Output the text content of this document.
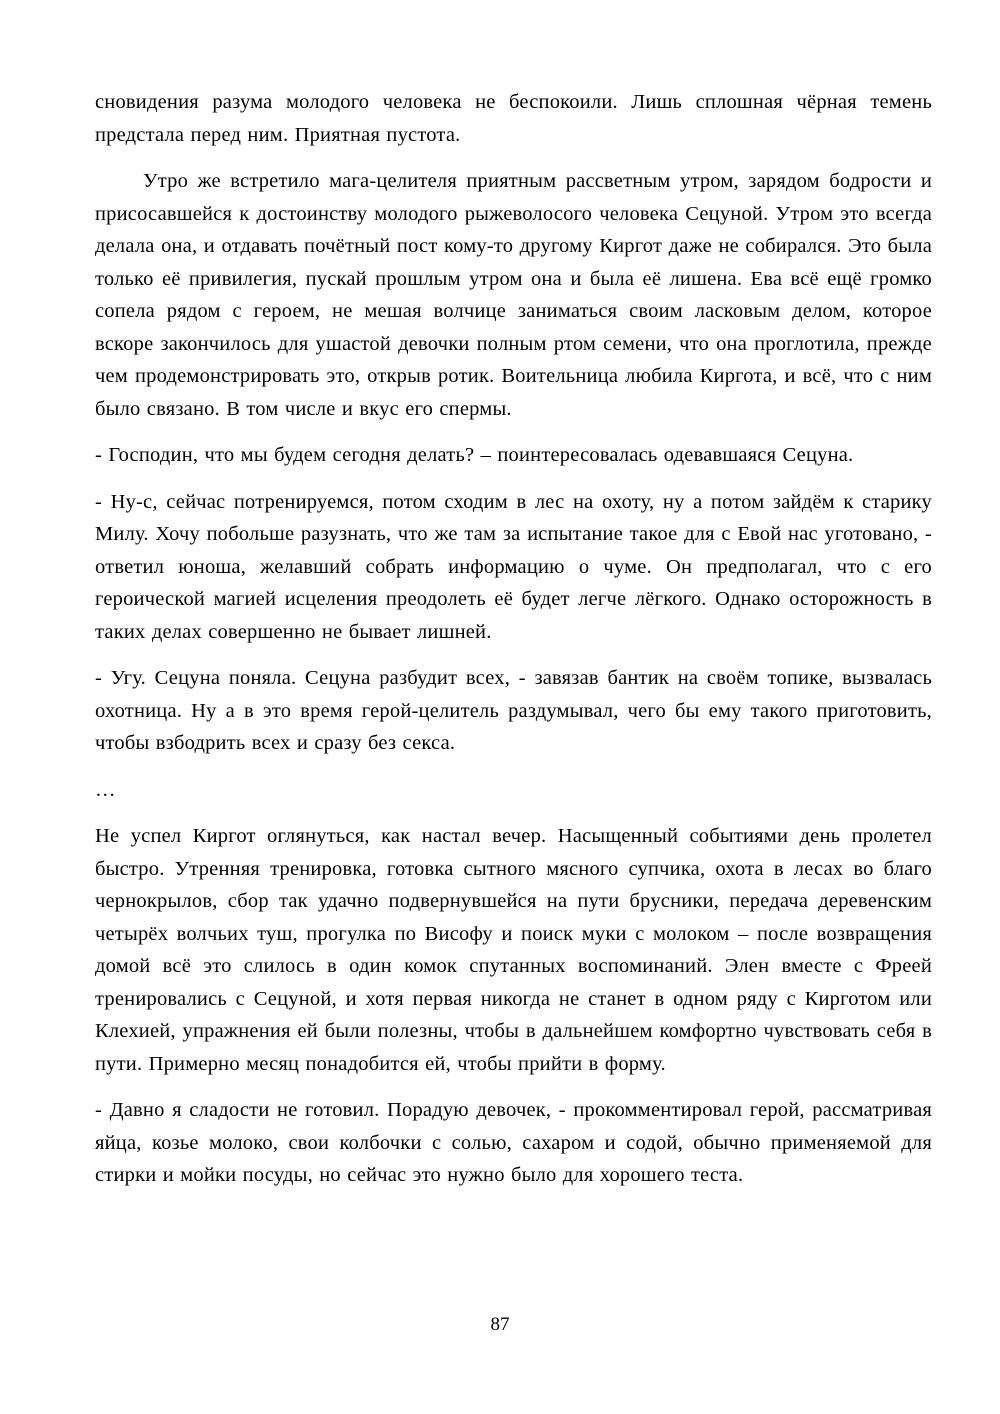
сновидения разума молодого человека не беспокоили. Лишь сплошная чёрная темень предстала перед ним. Приятная пустота.

Утро же встретило мага-целителя приятным рассветным утром, зарядом бодрости и присосавшейся к достоинству молодого рыжеволосого человека Сецуной. Утром это всегда делала она, и отдавать почётный пост кому-то другому Киргот даже не собирался. Это была только её привилегия, пускай прошлым утром она и была её лишена. Ева всё ещё громко сопела рядом с героем, не мешая волчице заниматься своим ласковым делом, которое вскоре закончилось для ушастой девочки полным ртом семени, что она проглотила, прежде чем продемонстрировать это, открыв ротик. Воительница любила Киргота, и всё, что с ним было связано. В том числе и вкус его спермы.

- Господин, что мы будем сегодня делать? – поинтересовалась одевавшаяся Сецуна.

- Ну-с, сейчас потренируемся, потом сходим в лес на охоту, ну а потом зайдём к старику Милу. Хочу побольше разузнать, что же там за испытание такое для с Евой нас уготовано, - ответил юноша, желавший собрать информацию о чуме. Он предполагал, что с его героической магией исцеления преодолеть её будет легче лёгкого. Однако осторожность в таких делах совершенно не бывает лишней.

- Угу. Сецуна поняла. Сецуна разбудит всех, - завязав бантик на своём топике, вызвалась охотница. Ну а в это время герой-целитель раздумывал, чего бы ему такого приготовить, чтобы взбодрить всех и сразу без секса.

…

Не успел Киргот оглянуться, как настал вечер. Насыщенный событиями день пролетел быстро. Утренняя тренировка, готовка сытного мясного супчика, охота в лесах во благо чернокрылов, сбор так удачно подвернувшейся на пути брусники, передача деревенским четырёх волчьих туш, прогулка по Висофу и поиск муки с молоком – после возвращения домой всё это слилось в один комок спутанных воспоминаний. Элен вместе с Фреей тренировались с Сецуной, и хотя первая никогда не станет в одном ряду с Кирготом или Клехией, упражнения ей были полезны, чтобы в дальнейшем комфортно чувствовать себя в пути. Примерно месяц понадобится ей, чтобы прийти в форму.

- Давно я сладости не готовил. Порадую девочек, - прокомментировал герой, рассматривая яйца, козье молоко, свои колбочки с солью, сахаром и содой, обычно применяемой для стирки и мойки посуды, но сейчас это нужно было для хорошего теста.

87
